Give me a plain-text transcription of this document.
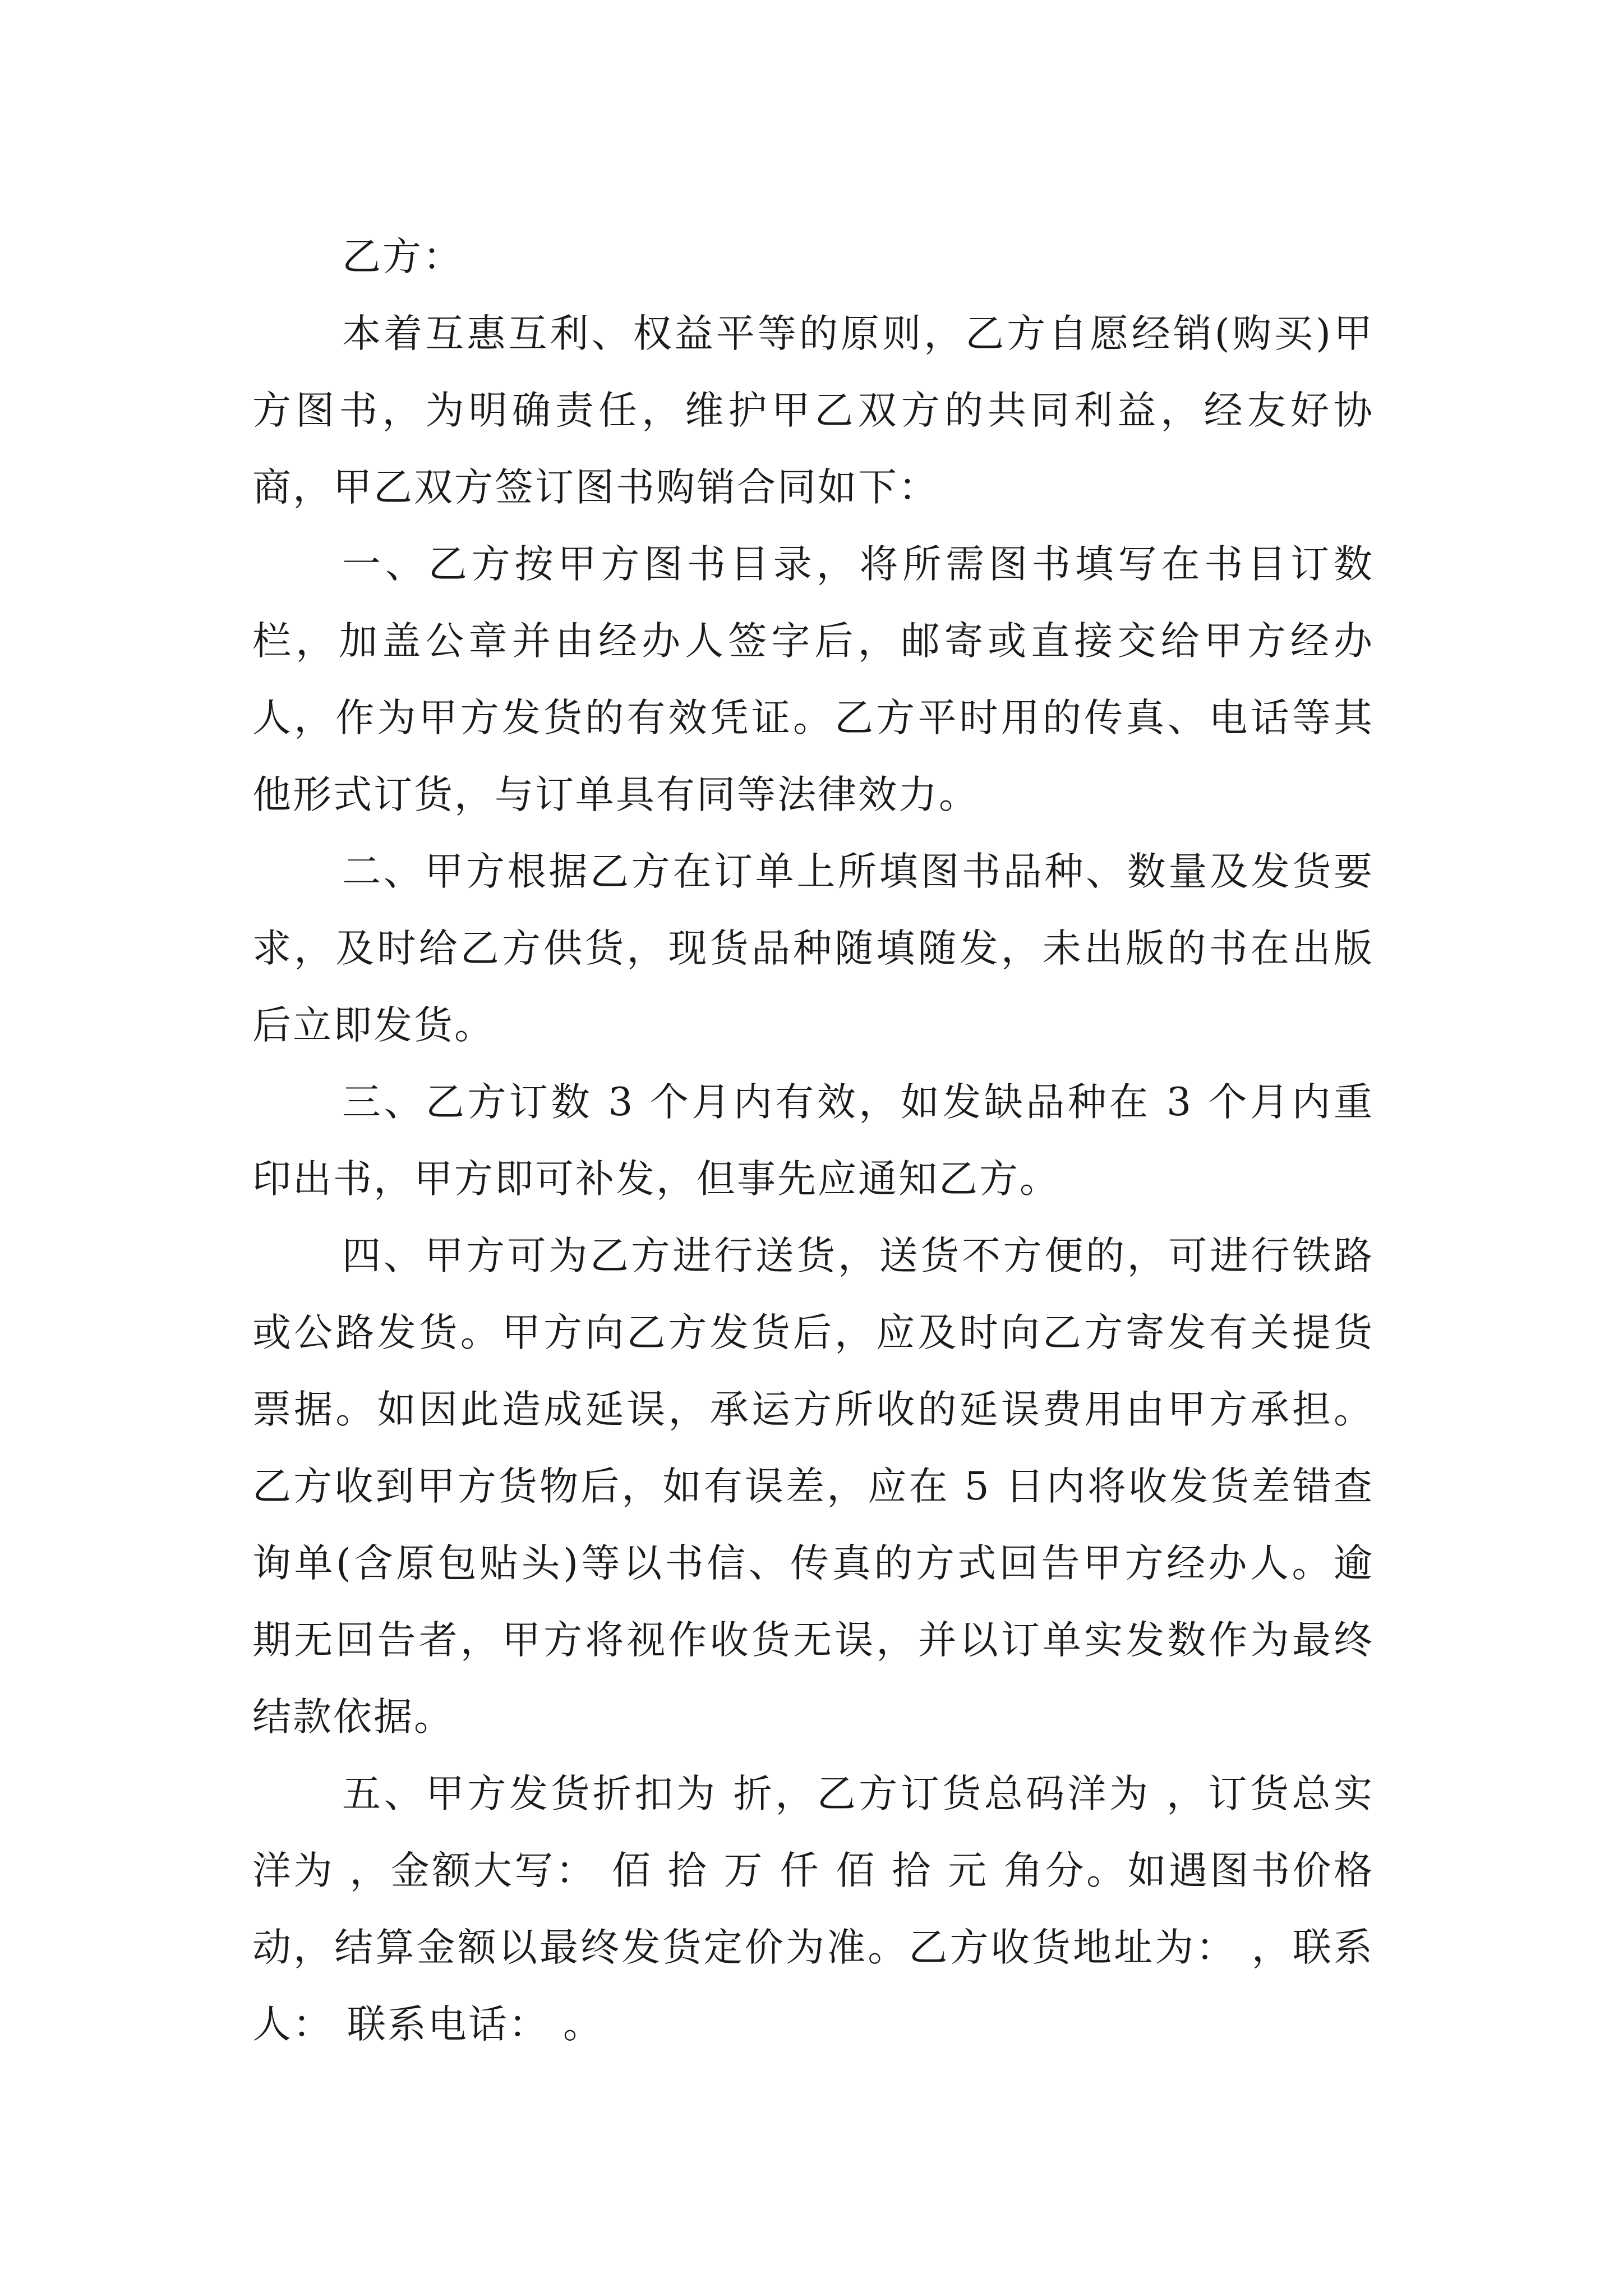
乙方：

本着互惠互利、权益平等的原则，乙方自愿经销(购买)甲方图书，为明确责任，维护甲乙双方的共同利益，经友好协商，甲乙双方签订图书购销合同如下：

一、乙方按甲方图书目录，将所需图书填写在书目订数栏，加盖公章并由经办人签字后，邮寄或直接交给甲方经办人，作为甲方发货的有效凭证。乙方平时用的传真、电话等其他形式订货，与订单具有同等法律效力。

二、甲方根据乙方在订单上所填图书品种、数量及发货要求，及时给乙方供货，现货品种随填随发，未出版的书在出版后立即发货。

三、乙方订数 3 个月内有效，如发缺品种在 3 个月内重印出书，甲方即可补发，但事先应通知乙方。

四、甲方可为乙方进行送货，送货不方便的，可进行铁路或公路发货。甲方向乙方发货后，应及时向乙方寄发有关提货票据。如因此造成延误，承运方所收的延误费用由甲方承担。乙方收到甲方货物后，如有误差，应在 5 日内将收发货差错查询单(含原包贴头)等以书信、传真的方式回告甲方经办人。逾期无回告者，甲方将视作收货无误，并以订单实发数作为最终结款依据。

五、甲方发货折扣为 折，乙方订货总码洋为 ，订货总实洋为 ，金额大写： 佰 拾 万 仟 佰 拾 元 角分。如遇图书价格动，结算金额以最终发货定价为准。乙方收货地址为： ，联系人： 联系电话： 。
